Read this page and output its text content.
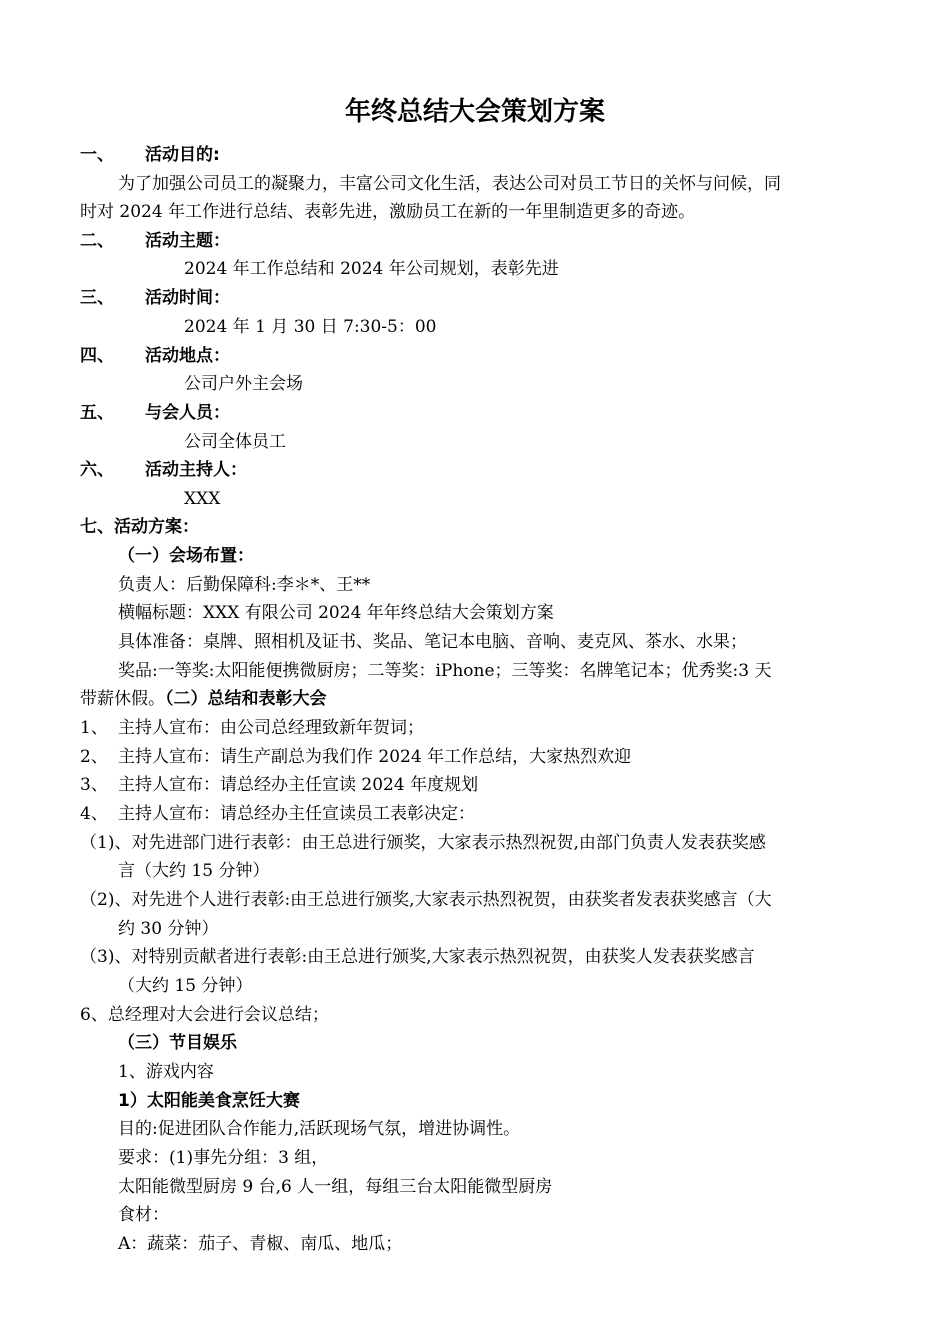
年终总结大会策划方案
一、 活动目的:
为了加强公司员工的凝聚力，丰富公司文化生活，表达公司对员工节日的关怀与问候，同
时对 2024 年工作进行总结、表彰先进，激励员工在新的一年里制造更多的奇迹。
二、 活动主题：
2024 年工作总结和 2024 年公司规划，表彰先进
三、 活动时间：
2024 年 1 月 30 日 7:30-5：00
四、 活动地点：
公司户外主会场
五、 与会人员：
公司全体员工
六、 活动主持人：
XXX
七、活动方案：
（一）会场布置：
负责人：后勤保障科:李＊*、王**
横幅标题：XXX 有限公司 2024 年年终总结大会策划方案
具体准备：桌牌、照相机及证书、奖品、笔记本电脑、音响、麦克风、茶水、水果；
奖品:一等奖:太阳能便携微厨房；二等奖：iPhone；三等奖：名牌笔记本；优秀奖:3 天
带薪休假。（二）总结和表彰大会
1、 主持人宣布：由公司总经理致新年贺词；
2、 主持人宣布：请生产副总为我们作 2024 年工作总结，大家热烈欢迎
3、 主持人宣布：请总经办主任宣读 2024 年度规划
4、 主持人宣布：请总经办主任宣读员工表彰决定：
（1)、对先进部门进行表彰：由王总进行颁奖，大家表示热烈祝贺,由部门负责人发表获奖感
言（大约 15 分钟）
（2)、对先进个人进行表彰:由王总进行颁奖,大家表示热烈祝贺，由获奖者发表获奖感言（大
约 30 分钟）
（3)、对特别贡献者进行表彰:由王总进行颁奖,大家表示热烈祝贺，由获奖人发表获奖感言
（大约 15 分钟）
6、总经理对大会进行会议总结；
（三）节目娱乐
1、游戏内容
1）太阳能美食烹饪大赛
目的:促进团队合作能力,活跃现场气氛，增进协调性。
要求：(1)事先分组：3 组，
太阳能微型厨房 9 台,6 人一组，每组三台太阳能微型厨房
食材：
A：蔬菜：茄子、青椒、南瓜、地瓜；
